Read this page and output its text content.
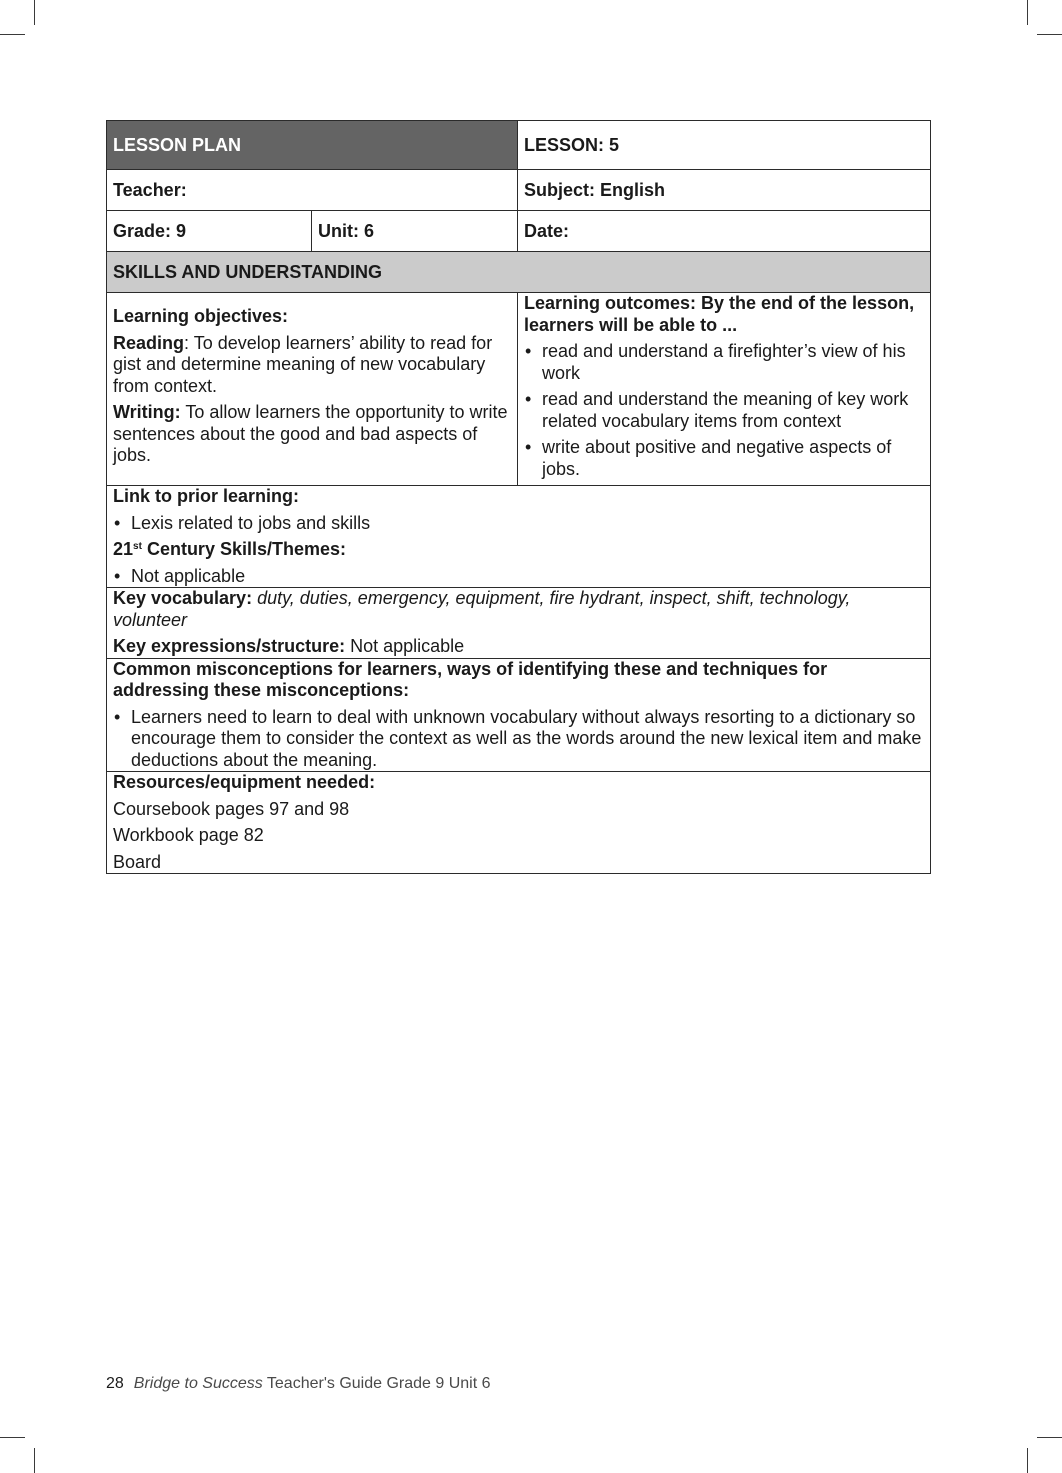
LESSON PLAN		LESSON: 5
Teacher:		Subject: English
Grade: 9	Unit: 6	Date:
SKILLS AND UNDERSTANDING		

Learning objectives:

Reading: To develop learners’ ability to read for gist and determine meaning of new vocabulary from context.

Writing: To allow learners the opportunity to write sentences about the good and bad aspects of jobs.

Learning outcomes: By the end of the lesson, learners will be able to ...
• read and understand a firefighter’s view of his work
• read and understand the meaning of key work related vocabulary items from context
• write about positive and negative aspects of jobs.

Link to prior learning:
• Lexis related to jobs and skills
21st Century Skills/Themes:
• Not applicable

Key vocabulary: duty, duties, emergency, equipment, fire hydrant, inspect, shift, technology, volunteer

Key expressions/structure: Not applicable		

Common misconceptions for learners, ways of identifying these and techniques for addressing these misconceptions:
• Learners need to learn to deal with unknown vocabulary without always resorting to a dictionary so encourage them to consider the context as well as the words around the new lexical item and make deductions about the meaning.

Resources/equipment needed:

Coursebook pages 97 and 98

Workbook page 82

Board		

28 Bridge to Success Teacher's Guide Grade 9 Unit 6
